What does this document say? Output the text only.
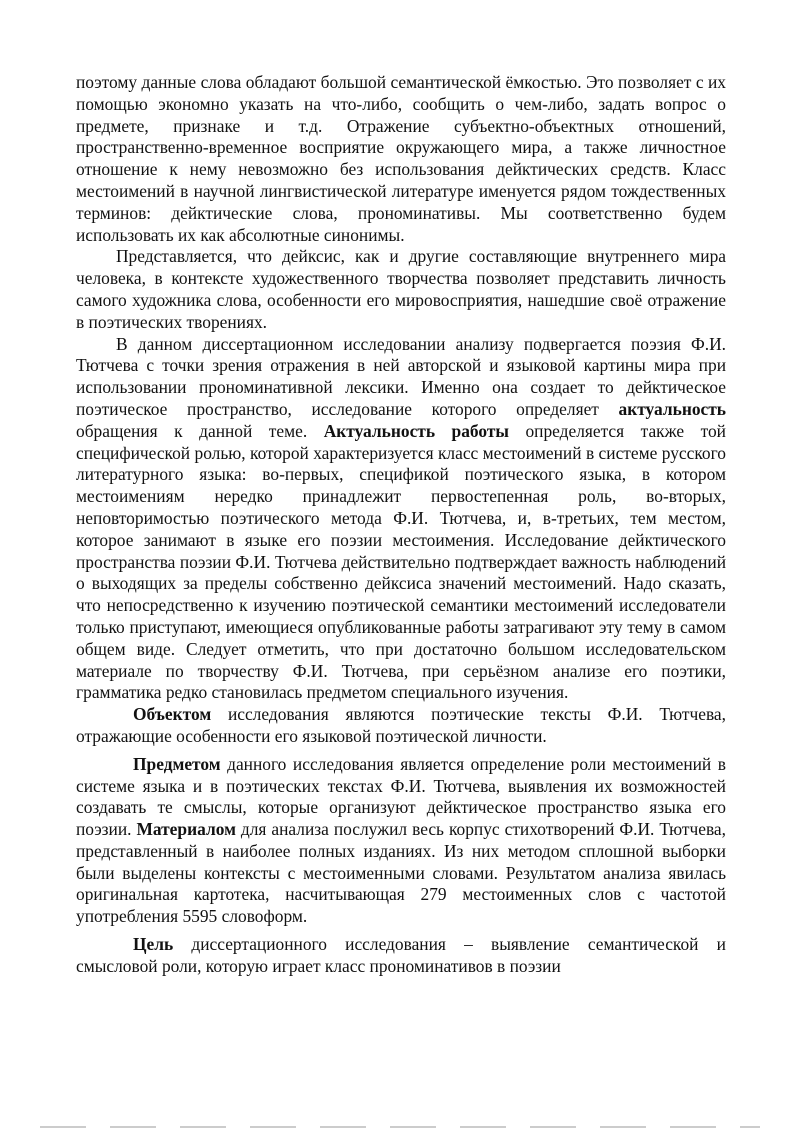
поэтому данные слова обладают большой семантической ёмкостью. Это позволяет с их помощью экономно указать на что-либо, сообщить о чем-либо, задать вопрос о предмете, признаке и т.д. Отражение субъектно-объектных отношений, пространственно-временное восприятие окружающего мира, а также личностное отношение к нему невозможно без использования дейктических средств. Класс местоимений в научной лингвистической литературе именуется рядом тождественных терминов: дейктические слова, прономинативы. Мы соответственно будем использовать их как абсолютные синонимы.

Представляется, что дейксис, как и другие составляющие внутреннего мира человека, в контексте художественного творчества позволяет представить личность самого художника слова, особенности его мировосприятия, нашедшие своё отражение в поэтических творениях.

В данном диссертационном исследовании анализу подвергается поэзия Ф.И. Тютчева с точки зрения отражения в ней авторской и языковой картины мира при использовании прономинативной лексики. Именно она создает то дейктическое поэтическое пространство, исследование которого определяет актуальность обращения к данной теме. Актуальность работы определяется также той специфической ролью, которой характеризуется класс местоимений в системе русского литературного языка: во-первых, спецификой поэтического языка, в котором местоимениям нередко принадлежит первостепенная роль, во-вторых, неповторимостью поэтического метода Ф.И. Тютчева, и, в-третьих, тем местом, которое занимают в языке его поэзии местоимения. Исследование дейктического пространства поэзии Ф.И. Тютчева действительно подтверждает важность наблюдений о выходящих за пределы собственно дейксиса значений местоимений. Надо сказать, что непосредственно к изучению поэтической семантики местоимений исследователи только приступают, имеющиеся опубликованные работы затрагивают эту тему в самом общем виде. Следует отметить, что при достаточно большом исследовательском материале по творчеству Ф.И. Тютчева, при серьёзном анализе его поэтики, грамматика редко становилась предметом специального изучения.

Объектом исследования являются поэтические тексты Ф.И. Тютчева, отражающие особенности его языковой поэтической личности.

Предметом данного исследования является определение роли местоимений в системе языка и в поэтических текстах Ф.И. Тютчева, выявления их возможностей создавать те смыслы, которые организуют дейктическое пространство языка его поэзии. Материалом для анализа послужил весь корпус стихотворений Ф.И. Тютчева, представленный в наиболее полных изданиях. Из них методом сплошной выборки были выделены контексты с местоименными словами. Результатом анализа явилась оригинальная картотека, насчитывающая 279 местоименных слов с частотой употребления 5595 словоформ.

Цель диссертационного исследования – выявление семантической и смысловой роли, которую играет класс прономинативов в поэзии
